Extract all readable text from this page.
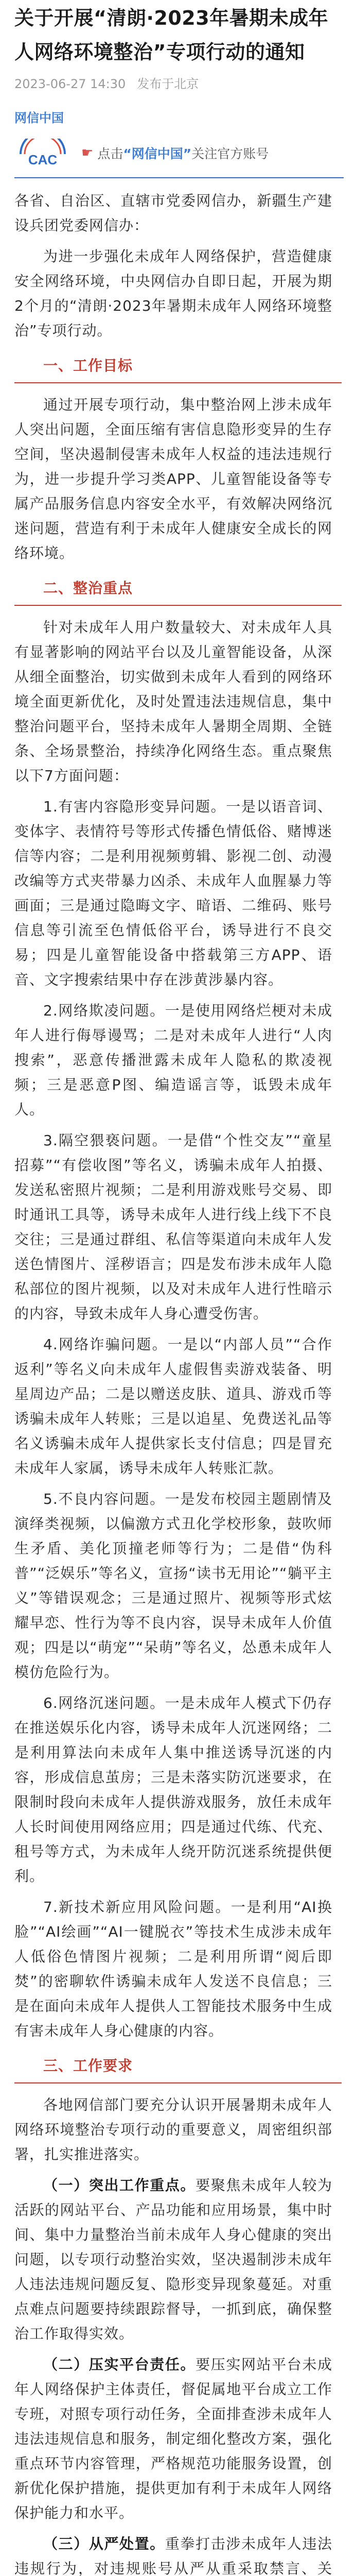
关于开展“清朗·2023年暑期未成年人网络环境整治”专项行动的通知
2023-06-27 14:30 发布于北京
网信中国
CAC ☛ 点击 “网信中国” 关注官方账号

各省、自治区、直辖市党委网信办，新疆生产建设兵团党委网信办：

为进一步强化未成年人网络保护，营造健康安全网络环境，中央网信办自即日起，开展为期2个月的“清朗·2023年暑期未成年人网络环境整治”专项行动。

一、工作目标

通过开展专项行动，集中整治网上涉未成年人突出问题，全面压缩有害信息隐形变异的生存空间，坚决遏制侵害未成年人权益的违法违规行为，进一步提升学习类APP、儿童智能设备等专属产品服务信息内容安全水平，有效解决网络沉迷问题，营造有利于未成年人健康安全成长的网络环境。

二、整治重点

针对未成年人用户数量较大、对未成年人具有显著影响的网站平台以及儿童智能设备，从深从细全面整治，切实做到未成年人看到的网络环境全面更新优化，及时处置违法违规信息，集中整治问题平台，坚持未成年人暑期全周期、全链条、全场景整治，持续净化网络生态。重点聚焦以下7方面问题：

1.有害内容隐形变异问题。一是以语音词、变体字、表情符号等形式传播色情低俗、赌博迷信等内容；二是利用视频剪辑、影视二创、动漫改编等方式夹带暴力凶杀、未成年人血腥暴力等画面；三是通过隐晦文字、暗语、二维码、账号信息等引流至色情低俗平台，诱导进行不良交易；四是儿童智能设备中搭载第三方APP、语音、文字搜索结果中存在涉黄涉暴内容。

2.网络欺凌问题。一是使用网络烂梗对未成年人进行侮辱谩骂；二是对未成年人进行“人肉搜索”，恶意传播泄露未成年人隐私的欺凌视频；三是恶意P图、编造谣言等，诋毁未成年人。

3.隔空猥亵问题。一是借“个性交友”“童星招募”“有偿收图”等名义，诱骗未成年人拍摄、发送私密照片视频；二是利用游戏账号交易、即时通讯工具等，诱导未成年人进行线上线下不良交往；三是通过群组、私信等渠道向未成年人发送色情图片、淫秽语言；四是发布涉未成年人隐私部位的图片视频，以及对未成年人进行性暗示的内容，导致未成年人身心遭受伤害。

4.网络诈骗问题。一是以“内部人员”“合作返利”等名义向未成年人虚假售卖游戏装备、明星周边产品；二是以赠送皮肤、道具、游戏币等诱骗未成年人转账；三是以追星、免费送礼品等名义诱骗未成年人提供家长支付信息；四是冒充未成年人家属，诱导未成年人转账汇款。

5.不良内容问题。一是发布校园主题剧情及演绎类视频，以偏激方式丑化学校形象，鼓吹师生矛盾、美化顶撞老师等行为；二是借“伪科普”“泛娱乐”等名义，宣扬“读书无用论”“躺平主义”等错误观念；三是通过照片、视频等形式炫耀早恋、性行为等不良内容，误导未成年人价值观；四是以“萌宠”“呆萌”等名义，怂恿未成年人模仿危险行为。

6.网络沉迷问题。一是未成年人模式下仍存在推送娱乐化内容，诱导未成年人沉迷网络；二是利用算法向未成年人集中推送诱导沉迷的内容，形成信息茧房；三是未落实防沉迷要求，在限制时段向未成年人提供游戏服务，放任未成年人长时间使用网络应用；四是通过代练、代充、租号等方式，为未成年人绕开防沉迷系统提供便利。

7.新技术新应用风险问题。一是利用“AI换脸”“AI绘画”“AI一键脱衣”等技术生成涉未成年人低俗色情图片视频；二是利用所谓“阅后即焚”的密聊软件诱骗未成年人发送不良信息；三是在面向未成年人提供人工智能技术服务中生成有害未成年人身心健康的内容。

三、工作要求

各地网信部门要充分认识开展暑期未成年人网络环境整治专项行动的重要意义，周密组织部署，扎实推进落实。

（一）突出工作重点。要聚焦未成年人较为活跃的网站平台、产品功能和应用场景，集中时间、集中力量整治当前未成年人身心健康的突出问题，以专项行动整治实效，坚决遏制涉未成年人违法违规问题反复、隐形变异现象蔓延。对重点难点问题要持续跟踪督导，一抓到底，确保整治工作取得实效。

（二）压实平台责任。要压实网站平台未成年人网络保护主体责任，督促属地平台成立工作专班，对照专项行动任务，全面排查涉未成年人违法违规信息和服务，制定细化整改方案，强化重点环节内容管理，严格规范功能服务设置，创新优化保护措施，提供更加有利于未成年人网络保护能力和水平。

（三）从严处置。重拳打击涉未成年人违法违规行为，对违规账号从严从重采取禁言、关
